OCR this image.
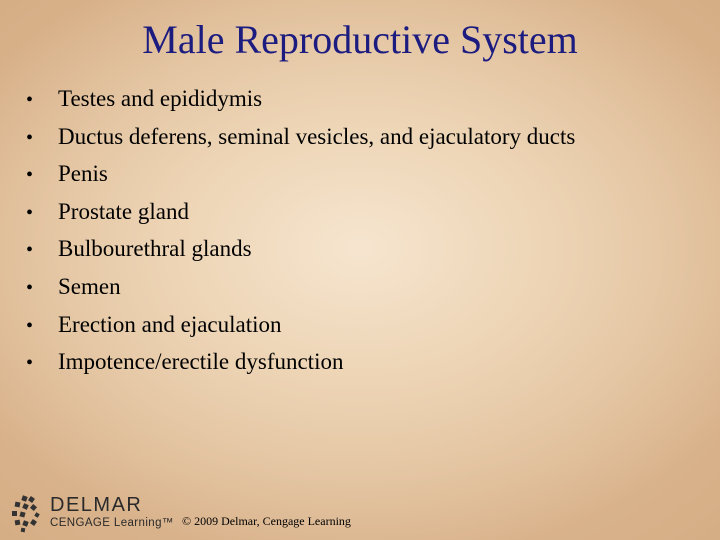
Male Reproductive System
•	Testes and epididymis
•	Ductus deferens, seminal vesicles, and ejaculatory ducts
•	Penis
•	Prostate gland
•	Bulbourethral glands
•	Semen
•	Erection and ejaculation
•	Impotence/erectile dysfunction
DELMAR
CENGAGE Learning™ © 2009 Delmar, Cengage Learning
